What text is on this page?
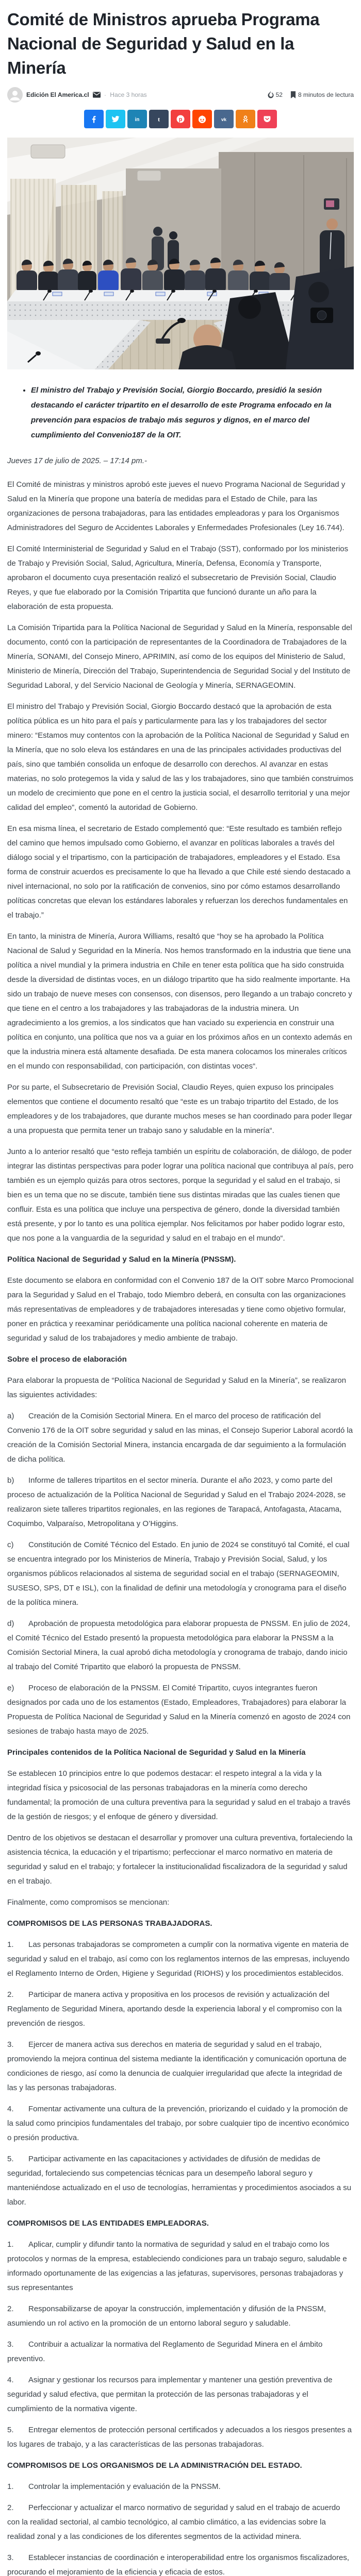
Comité de Ministros aprueba Programa Nacional de Seguridad y Salud en la Minería
Edición El America.cl · Hace 3 horas	52	8 minutos de lectura
in t	p	vk
• El ministro del Trabajo y Previsión Social, Giorgio Boccardo, presidió la sesión destacando el carácter tripartito en el desarrollo de este Programa enfocado en la prevención para espacios de trabajo más seguros y dignos, en el marco del cumplimiento del Convenio187 de la OIT.

Jueves 17 de julio de 2025. – 17:14 pm.-

El Comité de ministras y ministros aprobó este jueves el nuevo Programa Nacional de Seguridad y Salud en la Minería que propone una batería de medidas para el Estado de Chile, para las organizaciones de persona trabajadoras, para las entidades empleadoras y para los Organismos Administradores del Seguro de Accidentes Laborales y Enfermedades Profesionales (Ley 16.744).

El Comité Interministerial de Seguridad y Salud en el Trabajo (SST), conformado por los ministerios de Trabajo y Previsión Social, Salud, Agricultura, Minería, Defensa, Economía y Transporte, aprobaron el documento cuya presentación realizó el subsecretario de Previsión Social, Claudio Reyes, y que fue elaborado por la Comisión Tripartita que funcionó durante un año para la elaboración de esta propuesta.

La Comisión Tripartida para la Política Nacional de Seguridad y Salud en la Minería, responsable del documento, contó con la participación de representantes de la Coordinadora de Trabajadores de la Minería, SONAMI, del Consejo Minero, APRIMIN, así como de los equipos del Ministerio de Salud, Ministerio de Minería, Dirección del Trabajo, Superintendencia de Seguridad Social y del Instituto de Seguridad Laboral, y del Servicio Nacional de Geología y Minería, SERNAGEOMIN.

El ministro del Trabajo y Previsión Social, Giorgio Boccardo destacó que la aprobación de esta política pública es un hito para el país y particularmente para las y los trabajadores del sector minero: “Estamos muy contentos con la aprobación de la Política Nacional de Seguridad y Salud en la Minería, que no solo eleva los estándares en una de las principales actividades productivas del país, sino que también consolida un enfoque de desarrollo con derechos. Al avanzar en estas materias, no solo protegemos la vida y salud de las y los trabajadores, sino que también construimos un modelo de crecimiento que pone en el centro la justicia social, el desarrollo territorial y una mejor calidad del empleo”, comentó la autoridad de Gobierno.

En esa misma línea, el secretario de Estado complementó que: “Este resultado es también reflejo del camino que hemos impulsado como Gobierno, el avanzar en políticas laborales a través del diálogo social y el tripartismo, con la participación de trabajadores, empleadores y el Estado. Esa forma de construir acuerdos es precisamente lo que ha llevado a que Chile esté siendo destacado a nivel internacional, no solo por la ratificación de convenios, sino por cómo estamos desarrollando políticas concretas que elevan los estándares laborales y refuerzan los derechos fundamentales en el trabajo.”

En tanto, la ministra de Minería, Aurora Williams, resaltó que “hoy se ha aprobado la Política Nacional de Salud y Seguridad en la Minería. Nos hemos transformado en la industria que tiene una política a nivel mundial y la primera industria en Chile en tener esta política que ha sido construida desde la diversidad de distintas voces, en un diálogo tripartito que ha sido realmente importante. Ha sido un trabajo de nueve meses con consensos, con disensos, pero llegando a un trabajo concreto y que tiene en el centro a los trabajadores y las trabajadoras de la industria minera. Un agradecimiento a los gremios, a los sindicatos que han vaciado su experiencia en construir una política en conjunto, una política que nos va a guiar en los próximos años en un contexto además en que la industria minera está altamente desafiada. De esta manera colocamos los minerales críticos en el mundo con responsabilidad, con participación, con distintas voces“.

Por su parte, el Subsecretario de Previsión Social, Claudio Reyes, quien expuso los principales elementos que contiene el documento resaltó que “este es un trabajo tripartito del Estado, de los empleadores y de los trabajadores, que durante muchos meses se han coordinado para poder llegar a una propuesta que permita tener un trabajo sano y saludable en la minería“.

Junto a lo anterior resaltó que “esto refleja también un espíritu de colaboración, de diálogo, de poder integrar las distintas perspectivas para poder lograr una política nacional que contribuya al país, pero también es un ejemplo quizás para otros sectores, porque la seguridad y el salud en el trabajo, si bien es un tema que no se discute, también tiene sus distintas miradas que las cuales tienen que confluir. Esta es una política que incluye una perspectiva de género, donde la diversidad también está presente, y por lo tanto es una política ejemplar. Nos felicitamos por haber podido lograr esto, que nos pone a la vanguardia de la seguridad y salud en el trabajo en el mundo“.

Política Nacional de Seguridad y Salud en la Minería (PNSSM).

Este documento se elabora en conformidad con el Convenio 187 de la OIT sobre Marco Promocional para la Seguridad y Salud en el Trabajo, todo Miembro deberá, en consulta con las organizaciones más representativas de empleadores y de trabajadores interesadas y tiene como objetivo formular, poner en práctica y reexaminar periódicamente una política nacional coherente en materia de seguridad y salud de los trabajadores y medio ambiente de trabajo.

Sobre el proceso de elaboración

Para elaborar la propuesta de “Política Nacional de Seguridad y Salud en la Minería”, se realizaron las siguientes actividades:

a) Creación de la Comisión Sectorial Minera. En el marco del proceso de ratificación del Convenio 176 de la OIT sobre seguridad y salud en las minas, el Consejo Superior Laboral acordó la creación de la Comisión Sectorial Minera, instancia encargada de dar seguimiento a la formulación de dicha política.

b) Informe de talleres tripartitos en el sector minería. Durante el año 2023, y como parte del proceso de actualización de la Política Nacional de Seguridad y Salud en el Trabajo 2024-2028, se realizaron siete talleres tripartitos regionales, en las regiones de Tarapacá, Antofagasta, Atacama, Coquimbo, Valparaíso, Metropolitana y O’Higgins.

c) Constitución de Comité Técnico del Estado. En junio de 2024 se constituyó tal Comité, el cual se encuentra integrado por los Ministerios de Minería, Trabajo y Previsión Social, Salud, y los organismos públicos relacionados al sistema de seguridad social en el trabajo (SERNAGEOMIN, SUSESO, SPS, DT e ISL), con la finalidad de definir una metodología y cronograma para el diseño de la política minera.

d) Aprobación de propuesta metodológica para elaborar propuesta de PNSSM. En julio de 2024, el Comité Técnico del Estado presentó la propuesta metodológica para elaborar la PNSSM a la Comisión Sectorial Minera, la cual aprobó dicha metodología y cronograma de trabajo, dando inicio al trabajo del Comité Tripartito que elaboró la propuesta de PNSSM.

e) Proceso de elaboración de la PNSSM. El Comité Tripartito, cuyos integrantes fueron designados por cada uno de los estamentos (Estado, Empleadores, Trabajadores) para elaborar la Propuesta de Política Nacional de Seguridad y Salud en la Minería comenzó en agosto de 2024 con sesiones de trabajo hasta mayo de 2025.

Principales contenidos de la Política Nacional de Seguridad y Salud en la Minería

Se establecen 10 principios entre lo que podemos destacar: el respeto integral a la vida y la integridad física y psicosocial de las personas trabajadoras en la minería como derecho fundamental; la promoción de una cultura preventiva para la seguridad y salud en el trabajo a través de la gestión de riesgos; y el enfoque de género y diversidad.

Dentro de los objetivos se destacan el desarrollar y promover una cultura preventiva, fortaleciendo la asistencia técnica, la educación y el tripartismo; perfeccionar el marco normativo en materia de seguridad y salud en el trabajo; y fortalecer la institucionalidad fiscalizadora de la seguridad y salud en el trabajo.

Finalmente, como compromisos se mencionan:

COMPROMISOS DE LAS PERSONAS TRABAJADORAS.

1. Las personas trabajadoras se comprometen a cumplir con la normativa vigente en materia de seguridad y salud en el trabajo, así como con los reglamentos internos de las empresas, incluyendo el Reglamento Interno de Orden, Higiene y Seguridad (RIOHS) y los procedimientos establecidos.

2. Participar de manera activa y propositiva en los procesos de revisión y actualización del Reglamento de Seguridad Minera, aportando desde la experiencia laboral y el compromiso con la prevención de riesgos.

3. Ejercer de manera activa sus derechos en materia de seguridad y salud en el trabajo, promoviendo la mejora continua del sistema mediante la identificación y comunicación oportuna de condiciones de riesgo, así como la denuncia de cualquier irregularidad que afecte la integridad de las y las personas trabajadoras.

4. Fomentar activamente una cultura de la prevención, priorizando el cuidado y la promoción de la salud como principios fundamentales del trabajo, por sobre cualquier tipo de incentivo económico o presión productiva.

5. Participar activamente en las capacitaciones y actividades de difusión de medidas de seguridad, fortaleciendo sus competencias técnicas para un desempeño laboral seguro y manteniéndose actualizado en el uso de tecnologías, herramientas y procedimientos asociados a su labor.

COMPROMISOS DE LAS ENTIDADES EMPLEADORAS.

1. Aplicar, cumplir y difundir tanto la normativa de seguridad y salud en el trabajo como los protocolos y normas de la empresa, estableciendo condiciones para un trabajo seguro, saludable e informado oportunamente de las exigencias a las jefaturas, supervisores, personas trabajadoras y sus representantes

2. Responsabilizarse de apoyar la construcción, implementación y difusión de la PNSSM, asumiendo un rol activo en la promoción de un entorno laboral seguro y saludable.

3. Contribuir a actualizar la normativa del Reglamento de Seguridad Minera en el ámbito preventivo.

4. Asignar y gestionar los recursos para implementar y mantener una gestión preventiva de seguridad y salud efectiva, que permitan la protección de las personas trabajadoras y el cumplimiento de la normativa vigente.

5. Entregar elementos de protección personal certificados y adecuados a los riesgos presentes a los lugares de trabajo, y a las características de las personas trabajadoras.

COMPROMISOS DE LOS ORGANISMOS DE LA ADMINISTRACIÓN DEL ESTADO.

1. Controlar la implementación y evaluación de la PNSSM.

2. Perfeccionar y actualizar el marco normativo de seguridad y salud en el trabajo de acuerdo con la realidad sectorial, al cambio tecnológico, al cambio climático, a las evidencias sobre la realidad zonal y a las condiciones de los diferentes segmentos de la actividad minera.

3. Establecer instancias de coordinación e interoperabilidad entre los organismos fiscalizadores, procurando el mejoramiento de la eficiencia y eficacia de estos.
